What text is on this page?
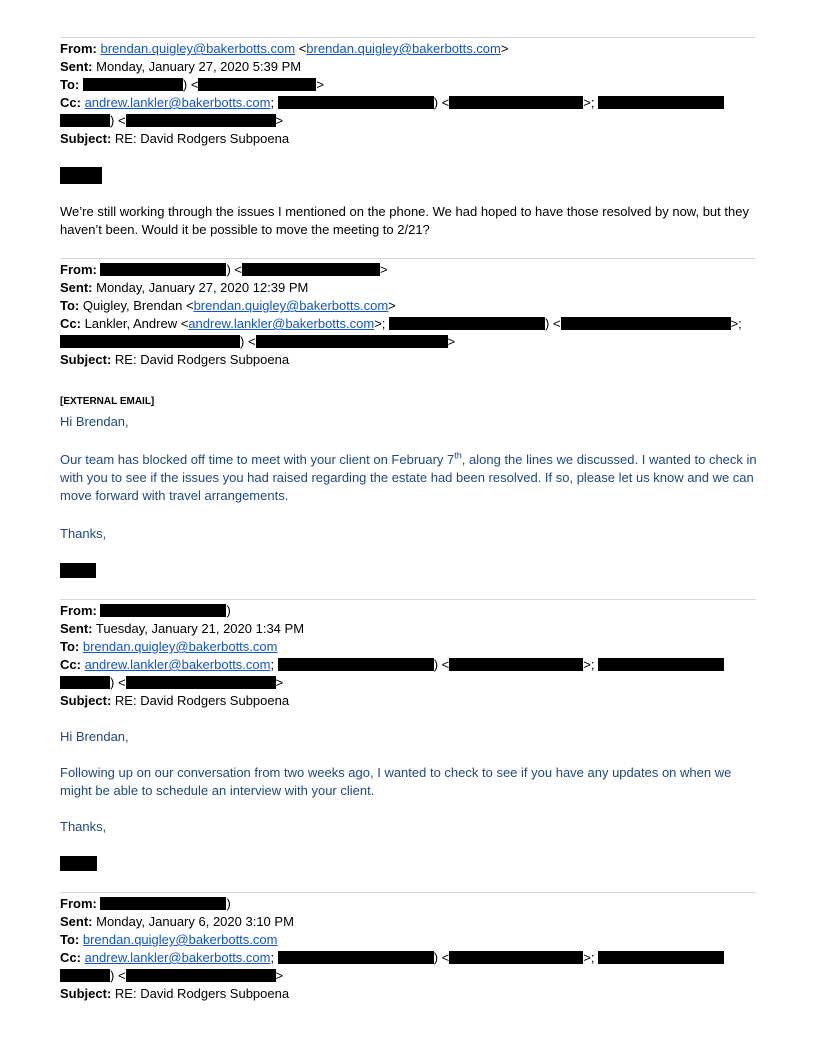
From: brendan.quigley@bakerbotts.com <brendan.quigley@bakerbotts.com>
Sent: Monday, January 27, 2020 5:39 PM
To:	) <	>
Cc: andrew.lankler@bakerbotts.com;	) <	>;
) <	>
Subject: RE: David Rodgers Subpoena
We’re still working through the issues I mentioned on the phone. We had hoped to have those resolved by now, but they haven’t been. Would it be possible to move the meeting to 2/21?
From:	) <	>
Sent: Monday, January 27, 2020 12:39 PM
To: Quigley, Brendan <brendan.quigley@bakerbotts.com>
Cc: Lankler, Andrew <andrew.lankler@bakerbotts.com>;	) <	>;
) <	>
Subject: RE: David Rodgers Subpoena
[EXTERNAL EMAIL]
Hi Brendan,
Our team has blocked off time to meet with your client on February 7th, along the lines we discussed. I wanted to check in with you to see if the issues you had raised regarding the estate had been resolved. If so, please let us know and we can move forward with travel arrangements.
Thanks,
From:	)
Sent: Tuesday, January 21, 2020 1:34 PM
To: brendan.quigley@bakerbotts.com
Cc: andrew.lankler@bakerbotts.com;	) <	>;
) <	>
Subject: RE: David Rodgers Subpoena
Hi Brendan,
Following up on our conversation from two weeks ago, I wanted to check to see if you have any updates on when we might be able to schedule an interview with your client.
Thanks,
From:	)
Sent: Monday, January 6, 2020 3:10 PM
To: brendan.quigley@bakerbotts.com
Cc: andrew.lankler@bakerbotts.com;	) <	>;
) <	>
Subject: RE: David Rodgers Subpoena
